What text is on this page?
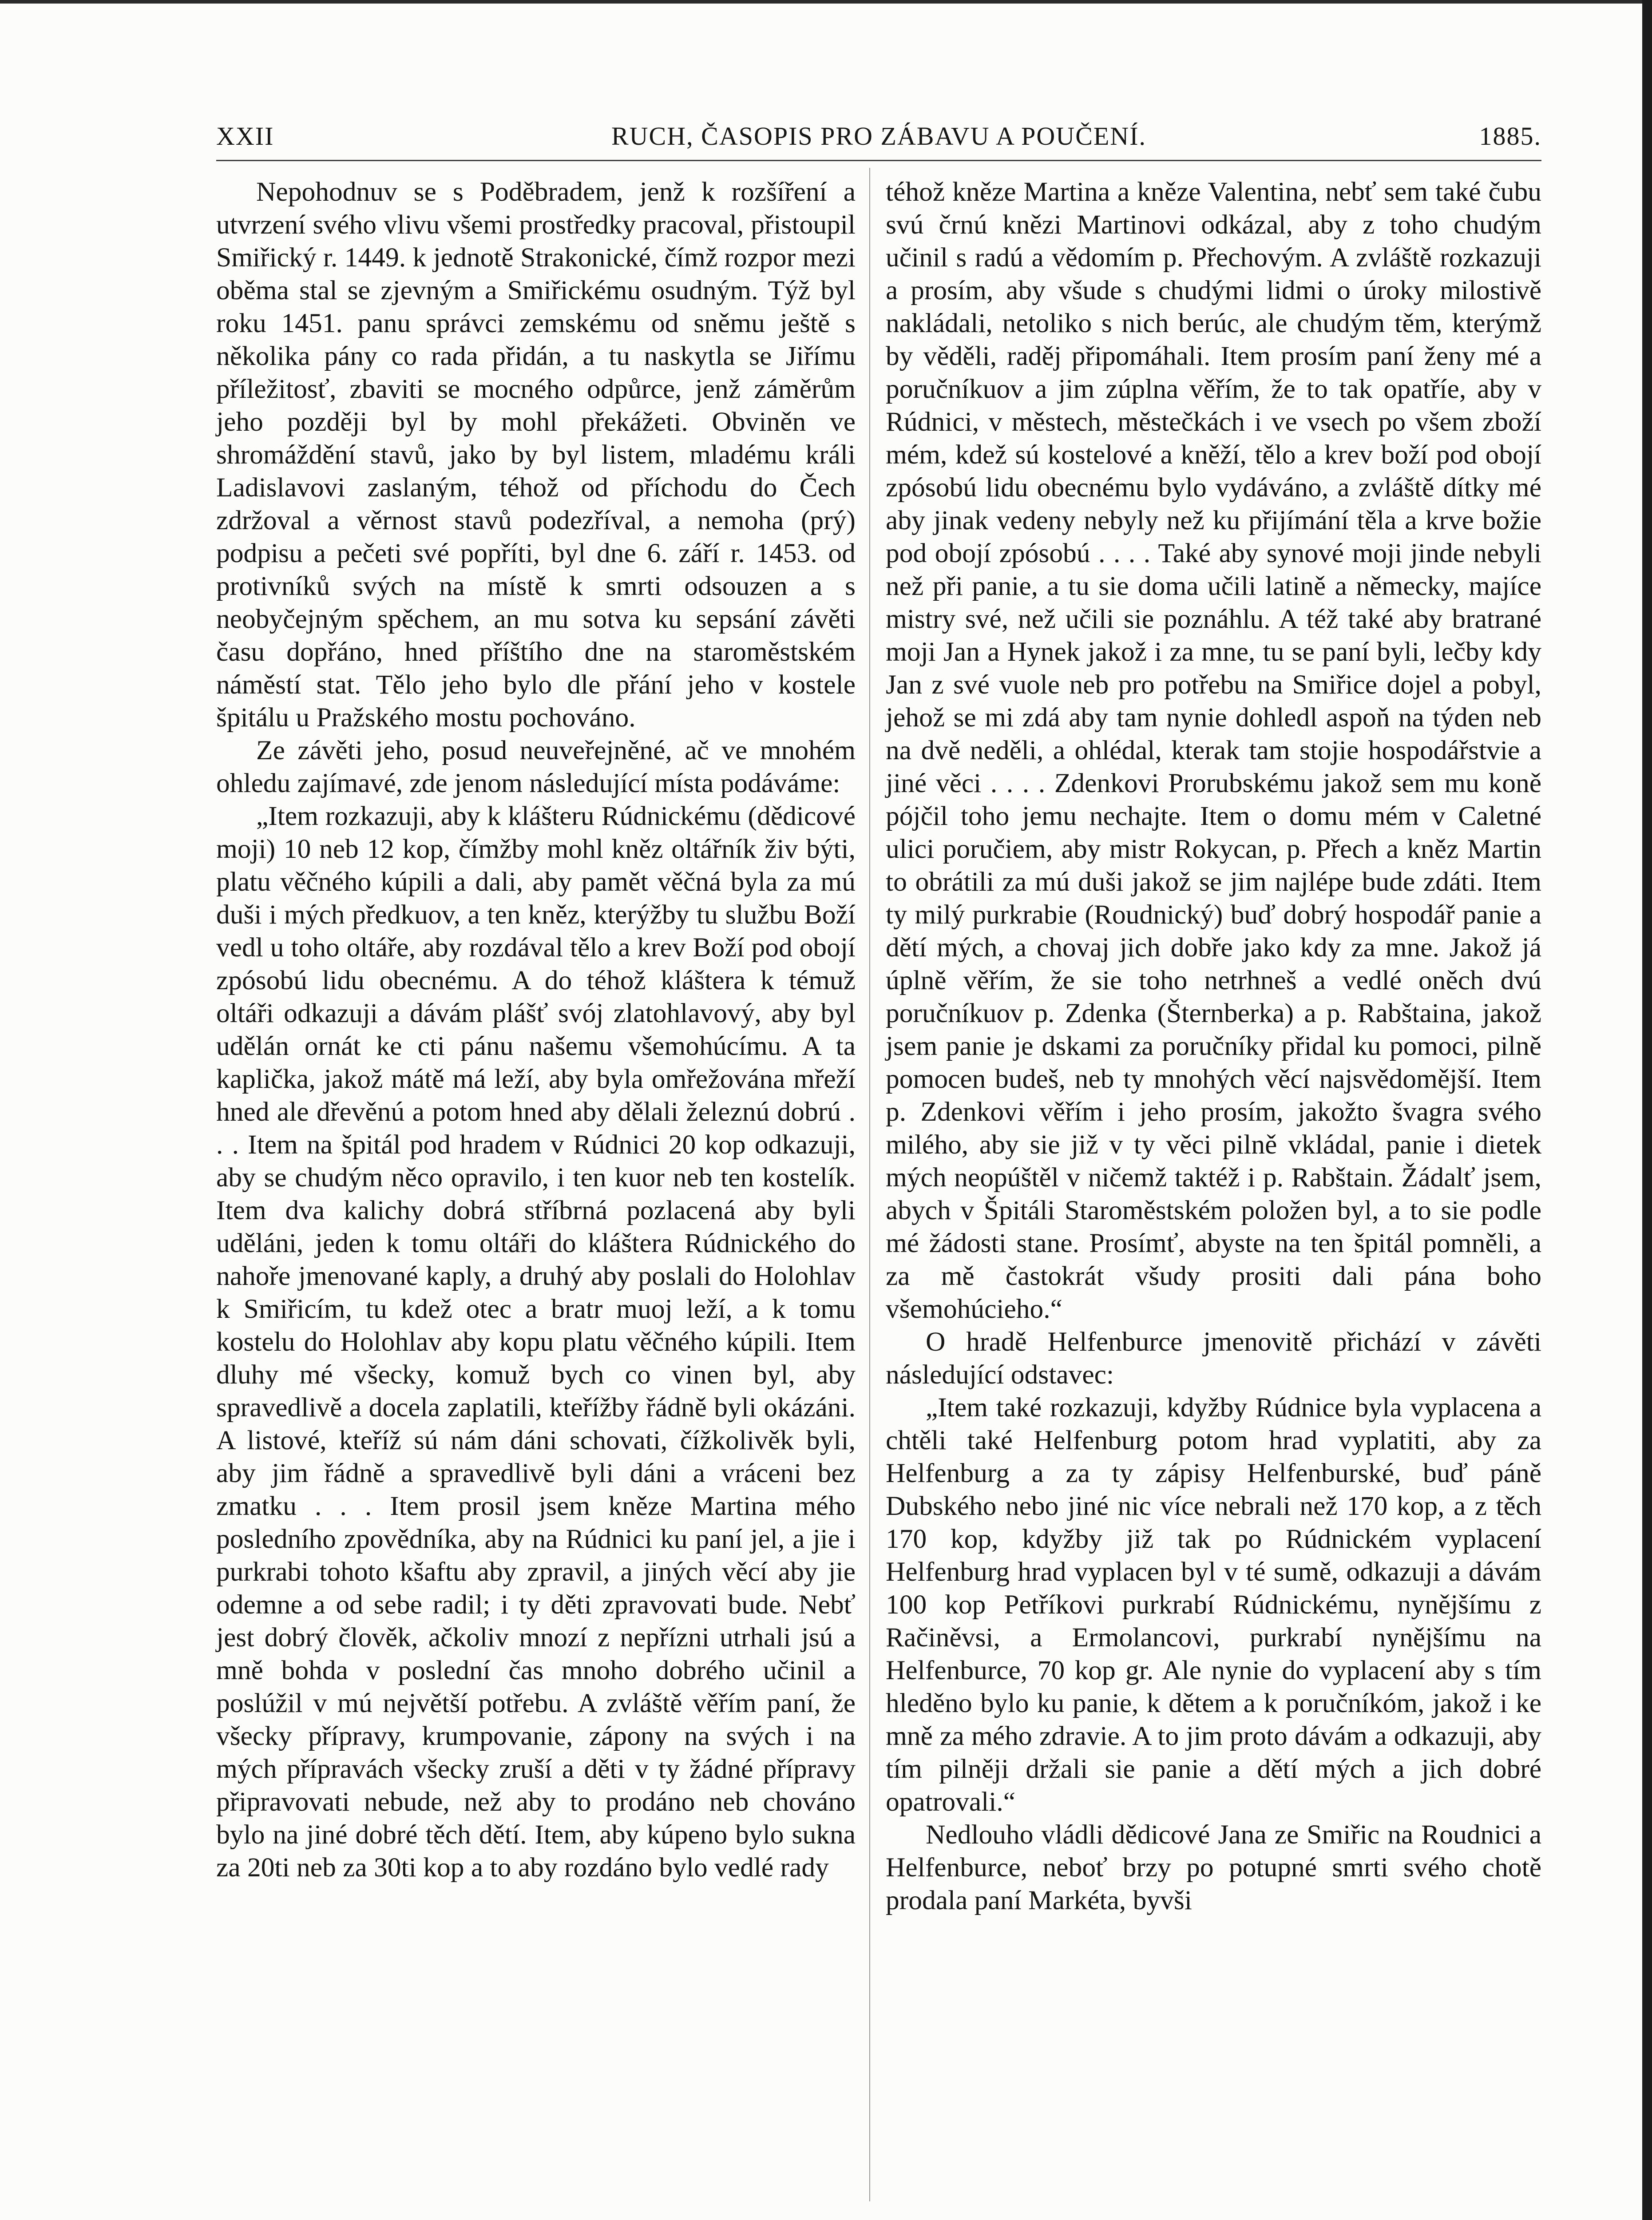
XXII	RUCH, ČASOPIS PRO ZÁBAVU A POUČENÍ.	1885.

Nepohodnuv se s Poděbradem, jenž k rozšíření a utvrzení svého vlivu všemi prostředky pracoval, přistoupil Smiřický r. 1449. k jednotě Strakonické, čímž rozpor mezi oběma stal se zjevným a Smiřickému osudným. Týž byl roku 1451. panu správci zemskému od sněmu ještě s několika pány co rada přidán, a tu naskytla se Jiřímu příležitosť, zbaviti se mocného odpůrce, jenž záměrům jeho později byl by mohl překážeti. Obviněn ve shromáždění stavů, jako by byl listem, mladému králi Ladislavovi zaslaným, téhož od příchodu do Čech zdržoval a věrnost stavů podezříval, a nemoha (prý) podpisu a pečeti své popříti, byl dne 6. září r. 1453. od protivníků svých na místě k smrti odsouzen a s neobyčejným spěchem, an mu sotva ku sepsání závěti času dopřáno, hned příštího dne na staroměstském náměstí stat. Tělo jeho bylo dle přání jeho v kostele špitálu u Pražského mostu pochováno.

Ze závěti jeho, posud neuveřejněné, ač ve mnohém ohledu zajímavé, zde jenom následující místa podáváme:

„Item rozkazuji, aby k klášteru Rúdnickému (dědicové moji) 10 neb 12 kop, čímžby mohl kněz oltářník živ býti, platu věčného kúpili a dali, aby pamět věčná byla za mú duši i mých předkuov, a ten kněz, kterýžby tu službu Boží vedl u toho oltáře, aby rozdával tělo a krev Boží pod obojí zpósobú lidu obecnému. A do téhož kláštera k témuž oltáři odkazuji a dávám plášť svój zlatohlavový, aby byl udělán ornát ke cti pánu našemu všemohúcímu. A ta kaplička, jakož mátě má leží, aby byla omřežována mřeží hned ale dřevěnú a potom hned aby dělali železnú dobrú . . . Item na špitál pod hradem v Rúdnici 20 kop odkazuji, aby se chudým něco opravilo, i ten kuor neb ten kostelík. Item dva kalichy dobrá stříbrná pozlacená aby byli uděláni, jeden k tomu oltáři do kláštera Rúdnického do nahoře jmenované kaply, a druhý aby poslali do Holohlav k Smiřicím, tu kdež otec a bratr muoj leží, a k tomu kostelu do Holohlav aby kopu platu věčného kúpili. Item dluhy mé všecky, komuž bych co vinen byl, aby spravedlivě a docela zaplatili, kteřížby řádně byli okázáni. A listové, kteříž sú nám dáni schovati, čížkolivěk byli, aby jim řádně a spravedlivě byli dáni a vráceni bez zmatku . . . Item prosil jsem kněze Martina mého posledního zpovědníka, aby na Rúdnici ku paní jel, a jie i purkrabi tohoto kšaftu aby zpravil, a jiných věcí aby jie odemne a od sebe radil; i ty děti zpravovati bude. Nebť jest dobrý člověk, ačkoliv mnozí z nepřízni utrhali jsú a mně bohda v poslední čas mnoho dobrého učinil a poslúžil v mú největší potřebu. A zvláště věřím paní, že všecky přípravy, krumpovanie, zápony na svých i na mých přípravách všecky zruší a děti v ty žádné přípravy připravovati nebude, než aby to prodáno neb chováno bylo na jiné dobré těch dětí. Item, aby kúpeno bylo sukna za 20ti neb za 30ti kop a to aby rozdáno bylo vedlé rady

téhož kněze Martina a kněze Valentina, nebť sem také čubu svú črnú knězi Martinovi odkázal, aby z toho chudým učinil s radú a vědomím p. Přechovým. A zvláště rozkazuji a prosím, aby všude s chudými lidmi o úroky milostivě nakládali, netoliko s nich berúc, ale chudým těm, kterýmž by věděli, raděj připomáhali. Item prosím paní ženy mé a poručníkuov a jim zúplna věřím, že to tak opatříe, aby v Rúdnici, v městech, městečkách i ve vsech po všem zboží mém, kdež sú kostelové a kněží, tělo a krev boží pod obojí zpósobú lidu obecnému bylo vydáváno, a zvláště dítky mé aby jinak vedeny nebyly než ku přijímání těla a krve božie pod obojí zpósobú . . . . Také aby synové moji jinde nebyli než při panie, a tu sie doma učili latině a německy, majíce mistry své, než učili sie poznáhlu. A též také aby bratrané moji Jan a Hynek jakož i za mne, tu se paní byli, lečby kdy Jan z své vuole neb pro potřebu na Smiřice dojel a pobyl, jehož se mi zdá aby tam nynie dohledl aspoň na týden neb na dvě neděli, a ohlédal, kterak tam stojie hospodářstvie a jiné věci . . . . Zdenkovi Prorubskému jakož sem mu koně pójčil toho jemu nechajte. Item o domu mém v Caletné ulici poručiem, aby mistr Rokycan, p. Přech a kněz Martin to obrátili za mú duši jakož se jim najlépe bude zdáti. Item ty milý purkrabie (Roudnický) buď dobrý hospodář panie a dětí mých, a chovaj jich dobře jako kdy za mne. Jakož já úplně věřím, že sie toho netrhneš a vedlé oněch dvú poručníkuov p. Zdenka (Šternberka) a p. Rabštaina, jakož jsem panie je dskami za poručníky přidal ku pomoci, pilně pomocen budeš, neb ty mnohých věcí najsvědomější. Item p. Zdenkovi věřím i jeho prosím, jakožto švagra svého milého, aby sie již v ty věci pilně vkládal, panie i dietek mých neopúštěl v ničemž taktéž i p. Rabštain. Žádalť jsem, abych v Špitáli Staroměstském položen byl, a to sie podle mé žádosti stane. Prosímť, abyste na ten špitál pomněli, a za mě častokrát všudy prositi dali pána boho všemohúcieho.“

O hradě Helfenburce jmenovitě přichází v závěti následující odstavec:

„Item také rozkazuji, kdyžby Rúdnice byla vyplacena a chtěli také Helfenburg potom hrad vyplatiti, aby za Helfenburg a za ty zápisy Helfenburské, buď páně Dubského nebo jiné nic více nebrali než 170 kop, a z těch 170 kop, kdyžby již tak po Rúdnickém vyplacení Helfenburg hrad vyplacen byl v té sumě, odkazuji a dávám 100 kop Petříkovi purkrabí Rúdnickému, nynějšímu z Račiněvsi, a Ermolancovi, purkrabí nynějšímu na Helfenburce, 70 kop gr. Ale nynie do vyplacení aby s tím hleděno bylo ku panie, k dětem a k poručníkóm, jakož i ke mně za mého zdravie. A to jim proto dávám a odkazuji, aby tím pilněji držali sie panie a dětí mých a jich dobré opatrovali.“

Nedlouho vládli dědicové Jana ze Smiřic na Roudnici a Helfenburce, neboť brzy po potupné smrti svého chotě prodala paní Markéta, byvši
